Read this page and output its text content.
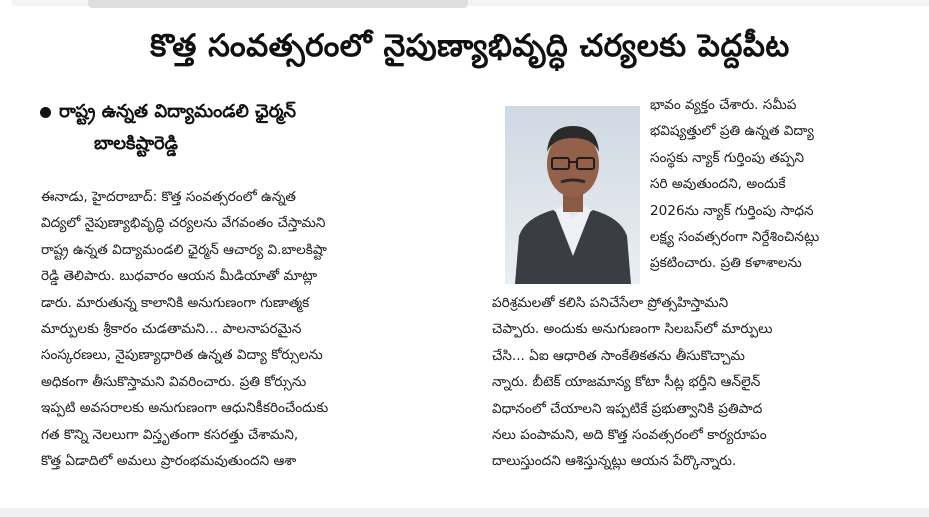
కొత్త సంవత్సరంలో నైపుణ్యాభివృద్ధి చర్యలకు పెద్దపీట
రాష్ట్ర ఉన్నత విద్యామండలి ఛైర్మన్
బాలకిష్టారెడ్డి
ఈనాడు, హైదరాబాద్: కొత్త సంవత్సరంలో ఉన్నత
విద్యలో నైపుణ్యాభివృద్ధి చర్యలను వేగవంతం చేస్తామని
రాష్ట్ర ఉన్నత విద్యామండలి ఛైర్మన్ ఆచార్య వి.బాలకిష్టా
రెడ్డి తెలిపారు. బుధవారం ఆయన మీడియాతో మాట్లా
డారు. మారుతున్న కాలానికి అనుగుణంగా గుణాత్మక
మార్పులకు శ్రీకారం చుడతామని... పాలనాపరమైన
సంస్కరణలు, నైపుణ్యాధారిత ఉన్నత విద్యా కోర్సులను
అధికంగా తీసుకొస్తామని వివరించారు. ప్రతి కోర్సును
ఇప్పటి అవసరాలకు అనుగుణంగా ఆధునికీకరించేందుకు
గత కొన్ని నెలలుగా విస్తృతంగా కసరత్తు చేశామని,
కొత్త ఏడాదిలో అమలు ప్రారంభమవుతుందని ఆశా
భావం వ్యక్తం చేశారు. సమీప
భవిష్యత్తులో ప్రతి ఉన్నత విద్యా
సంస్థకు న్యాక్ గుర్తింపు తప్పని
సరి అవుతుందని, అందుకే
2026ను న్యాక్ గుర్తింపు సాధన
లక్ష్య సంవత్సరంగా నిర్దేశించినట్లు
ప్రకటించారు. ప్రతి కళాశాలను
పరిశ్రమలతో కలిసి పనిచేసేలా ప్రోత్సహిస్తామని
చెప్పారు. అందుకు అనుగుణంగా సిలబస్‌లో మార్పులు
చేసి... ఏఐ ఆధారిత సాంకేతికతను తీసుకొచ్చామ
న్నారు. బీటెక్ యాజమాన్య కోటా సీట్ల భర్తీని ఆన్‌లైన్
విధానంలో చేయాలని ఇప్పటికే ప్రభుత్వానికి ప్రతిపాద
నలు పంపామని, అది కొత్త సంవత్సరంలో కార్యరూపం
దాలుస్తుందని ఆశిస్తున్నట్లు ఆయన పేర్కొన్నారు.
